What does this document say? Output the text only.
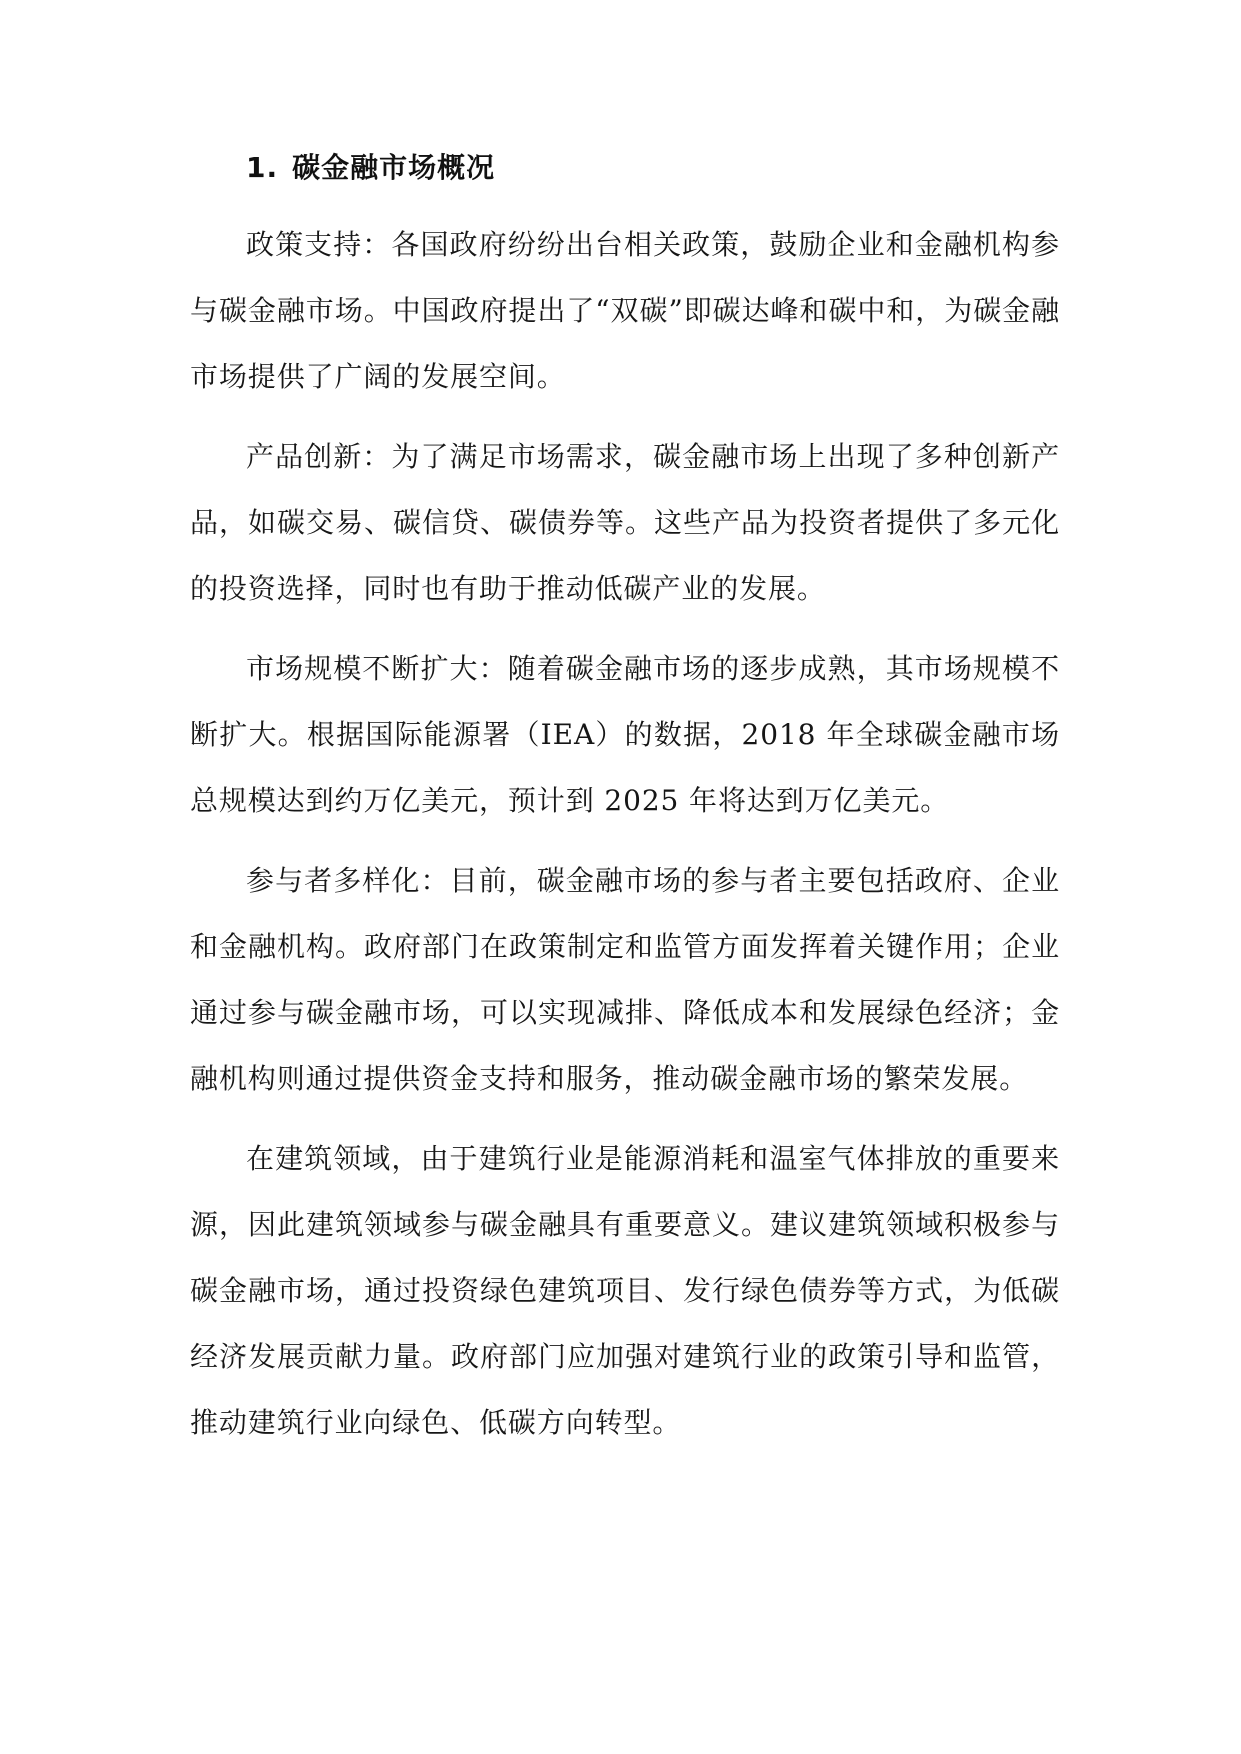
1. 碳金融市场概况

政策支持：各国政府纷纷出台相关政策，鼓励企业和金融机构参与碳金融市场。中国政府提出了“双碳”即碳达峰和碳中和，为碳金融市场提供了广阔的发展空间。

产品创新：为了满足市场需求，碳金融市场上出现了多种创新产品，如碳交易、碳信贷、碳债券等。这些产品为投资者提供了多元化的投资选择，同时也有助于推动低碳产业的发展。

市场规模不断扩大：随着碳金融市场的逐步成熟，其市场规模不断扩大。根据国际能源署（IEA）的数据，2018 年全球碳金融市场总规模达到约万亿美元，预计到 2025 年将达到万亿美元。

参与者多样化：目前，碳金融市场的参与者主要包括政府、企业和金融机构。政府部门在政策制定和监管方面发挥着关键作用；企业通过参与碳金融市场，可以实现减排、降低成本和发展绿色经济；金融机构则通过提供资金支持和服务，推动碳金融市场的繁荣发展。

在建筑领域，由于建筑行业是能源消耗和温室气体排放的重要来源，因此建筑领域参与碳金融具有重要意义。建议建筑领域积极参与碳金融市场，通过投资绿色建筑项目、发行绿色债券等方式，为低碳经济发展贡献力量。政府部门应加强对建筑行业的政策引导和监管，推动建筑行业向绿色、低碳方向转型。
